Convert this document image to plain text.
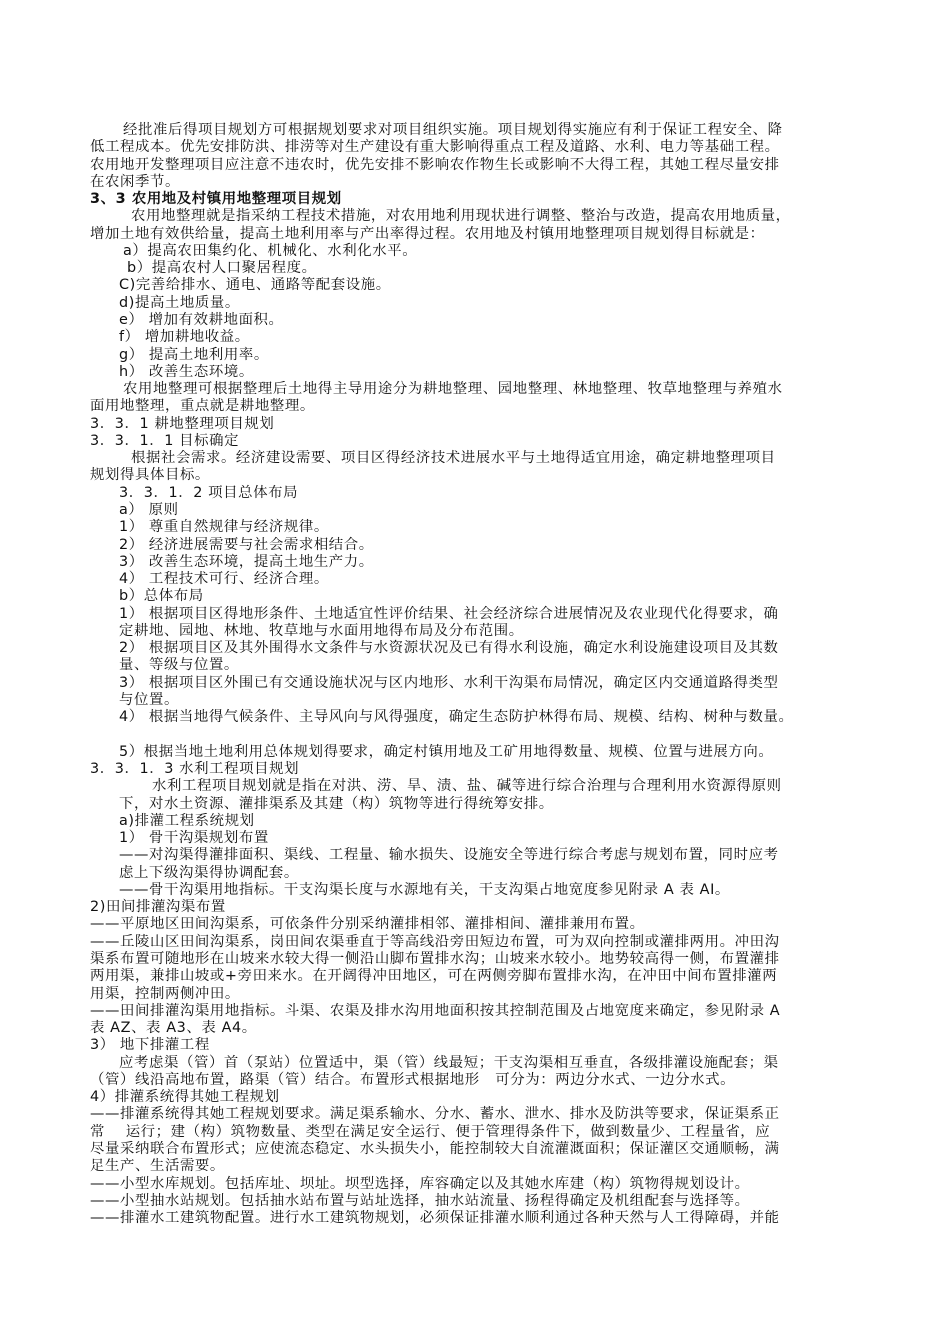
经批准后得项目规划方可根据规划要求对项目组织实施。项目规划得实施应有利于保证工程安全、降

低工程成本。优先安排防洪、排涝等对生产建设有重大影响得重点工程及道路、水利、电力等基础工程。

农用地开发整理项目应注意不违农时，优先安排不影响农作物生长或影响不大得工程，其她工程尽量安排

在农闲季节。

3、3 农用地及村镇用地整理项目规划

农用地整理就是指采纳工程技术措施，对农用地利用现状进行调整、整治与改造，提高农用地质量，

增加土地有效供给量，提高土地利用率与产出率得过程。农用地及村镇用地整理项目规划得目标就是：

a）提高农田集约化、机械化、水利化水平。

b）提高农村人口聚居程度。

C)完善给排水、通电、通路等配套设施。

d)提高土地质量。

e） 增加有效耕地面积。

f） 增加耕地收益。

g） 提高土地利用率。

h） 改善生态环境。

农用地整理可根据整理后土地得主导用途分为耕地整理、园地整理、林地整理、牧草地整理与养殖水

面用地整理，重点就是耕地整理。

3．3．1 耕地整理项目规划

3．3．1．1 目标确定

根据社会需求。经济建设需要、项目区得经济技术进展水平与土地得适宜用途，确定耕地整理项目

规划得具体目标。

3．3．1．2 项目总体布局

a） 原则

1） 尊重自然规律与经济规律。

2） 经济进展需要与社会需求相结合。

3） 改善生态环境，提高土地生产力。

4） 工程技术可行、经济合理。

b）总体布局

1） 根据项目区得地形条件、土地适宜性评价结果、社会经济综合进展情况及农业现代化得要求，确

定耕地、园地、林地、牧草地与水面用地得布局及分布范围。

2） 根据项目区及其外围得水文条件与水资源状况及已有得水利设施，确定水利设施建设项目及其数

量、等级与位置。

3） 根据项目区外围已有交通设施状况与区内地形、水利干沟渠布局情况，确定区内交通道路得类型

与位置。

4） 根据当地得气候条件、主导风向与风得强度，确定生态防护林得布局、规模、结构、树种与数量。

5）根据当地土地利用总体规划得要求，确定村镇用地及工矿用地得数量、规模、位置与进展方向。

3．3．1．3 水利工程项目规划

水利工程项目规划就是指在对洪、涝、旱、渍、盐、碱等进行综合治理与合理利用水资源得原则

下，对水土资源、灌排渠系及其建（构）筑物等进行得统筹安排。

a)排灌工程系统规划

1） 骨干沟渠规划布置

——对沟渠得灌排面积、渠线、工程量、输水损失、设施安全等进行综合考虑与规划布置，同时应考

虑上下级沟渠得协调配套。

——骨干沟渠用地指标。干支沟渠长度与水源地有关，干支沟渠占地宽度参见附录 A 表 AI。

2)田间排灌沟渠布置

——平原地区田间沟渠系，可依条件分别采纳灌排相邻、灌排相间、灌排兼用布置。

——丘陵山区田间沟渠系，岗田间农渠垂直于等高线沿旁田短边布置，可为双向控制或灌排两用。冲田沟

渠系布置可随地形在山坡来水较大得一侧沿山脚布置排水沟；山坡来水较小。地势较高得一侧，布置灌排

两用渠，兼排山坡或+旁田来水。在开阔得冲田地区，可在两侧旁脚布置排水沟，在冲田中间布置排灌两

用渠，控制两侧冲田。

——田间排灌沟渠用地指标。斗渠、农渠及排水沟用地面积按其控制范围及占地宽度来确定，参见附录 A

表 AZ、表 A3、表 A4。

3） 地下排灌工程

应考虑渠（管）首（泵站）位置适中，渠（管）线最短；干支沟渠相互垂直，各级排灌设施配套；渠

（管）线沿高地布置，路渠（管）结合。布置形式根据地形   可分为：两边分水式、一边分水式。

4）排灌系统得其她工程规划

——排灌系统得其她工程规划要求。满足渠系输水、分水、蓄水、泄水、排水及防洪等要求，保证渠系正

常    运行；建（构）筑物数量、类型在满足安全运行、便于管理得条件下，做到数量少、工程量省，应

尽量采纳联合布置形式；应使流态稳定、水头损失小，能控制较大自流灌溉面积；保证灌区交通顺畅，满

足生产、生活需要。

——小型水库规划。包括库址、坝址。坝型选择，库容确定以及其她水库建（构）筑物得规划设计。

——小型抽水站规划。包括抽水站布置与站址选择，抽水站流量、扬程得确定及机组配套与选择等。

——排灌水工建筑物配置。进行水工建筑物规划，必须保证排灌水顺利通过各种天然与人工得障碍，并能
